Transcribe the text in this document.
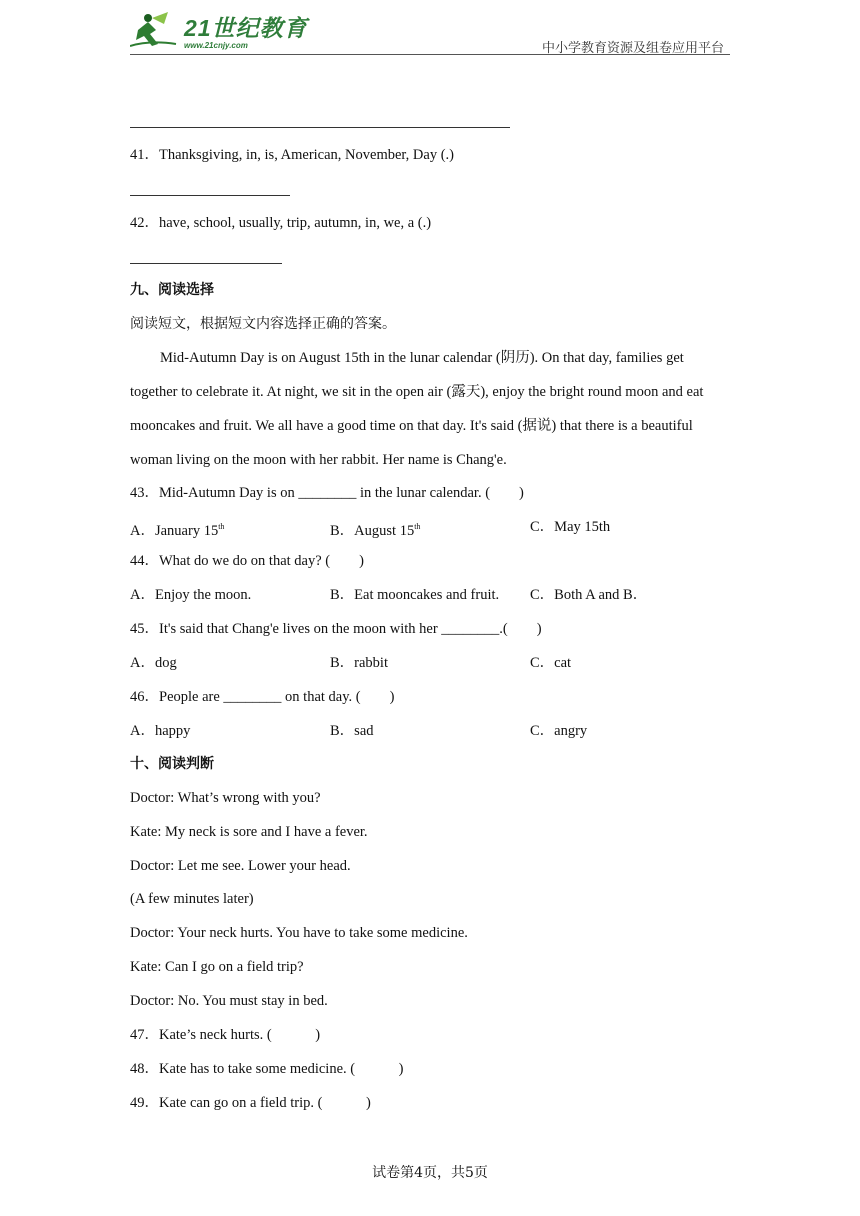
21世纪教育
www.21cnjy.com	中小学教育资源及组卷应用平台
41．Thanksgiving, in, is, American, November, Day (.)
42．have, school, usually, trip, autumn, in, we, a (.)
九、阅读选择
阅读短文，根据短文内容选择正确的答案。
Mid-Autumn Day is on August 15th in the lunar calendar (阴历). On that day, families get
together to celebrate it. At night, we sit in the open air (露天), enjoy the bright round moon and eat
mooncakes and fruit. We all have a good time on that day. It's said (据说) that there is a beautiful
woman living on the moon with her rabbit. Her name is Chang'e.
43．Mid-Autumn Day is on ________ in the lunar calendar. (　　)
A．January 15th	B．August 15th	C．May 15th
44．What do we do on that day? (　　)
A．Enjoy the moon.	B．Eat mooncakes and fruit. C．Both A and B．
45．It's said that Chang'e lives on the moon with her ________.(　　)
A．dog	B．rabbit	C．cat
46．People are ________ on that day. (　　)
A．happy	B．sad	C．angry
十、阅读判断
Doctor: What’s wrong with you?
Kate: My neck is sore and I have a fever.
Doctor: Let me see. Lower your head.
(A few minutes later)
Doctor: Your neck hurts. You have to take some medicine.
Kate: Can I go on a field trip?
Doctor: No. You must stay in bed.
47．Kate’s neck hurts. (　　　)
48．Kate has to take some medicine. (　　　)
49．Kate can go on a field trip. (　　　)
试卷第4页，共5页
